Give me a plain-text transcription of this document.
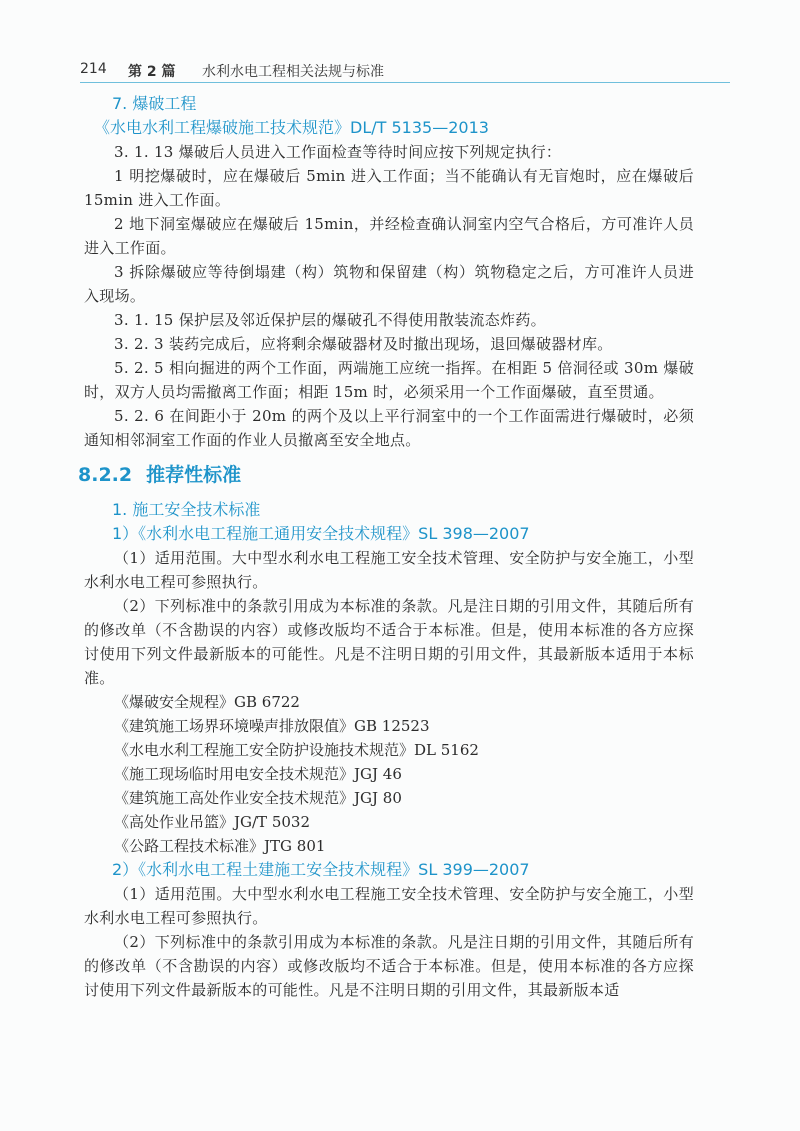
214 第 2 篇 水利水电工程相关法规与标准
7. 爆破工程
《水电水利工程爆破施工技术规范》DL/T 5135—2013

3. 1. 13 爆破后人员进入工作面检查等待时间应按下列规定执行：

1 明挖爆破时，应在爆破后 5min 进入工作面；当不能确认有无盲炮时，应在爆破后 15min 进入工作面。

2 地下洞室爆破应在爆破后 15min，并经检查确认洞室内空气合格后，方可准许人员进入工作面。

3 拆除爆破应等待倒塌建（构）筑物和保留建（构）筑物稳定之后，方可准许人员进入现场。

3. 1. 15 保护层及邻近保护层的爆破孔不得使用散装流态炸药。

3. 2. 3 装药完成后，应将剩余爆破器材及时撤出现场，退回爆破器材库。

5. 2. 5 相向掘进的两个工作面，两端施工应统一指挥。在相距 5 倍洞径或 30m 爆破时，双方人员均需撤离工作面；相距 15m 时，必须采用一个工作面爆破，直至贯通。

5. 2. 6 在间距小于 20m 的两个及以上平行洞室中的一个工作面需进行爆破时，必须通知相邻洞室工作面的作业人员撤离至安全地点。

8.2.2 推荐性标准
1. 施工安全技术标准
1）《水利水电工程施工通用安全技术规程》SL 398—2007

（1）适用范围。大中型水利水电工程施工安全技术管理、安全防护与安全施工，小型水利水电工程可参照执行。

（2）下列标准中的条款引用成为本标准的条款。凡是注日期的引用文件，其随后所有的修改单（不含勘误的内容）或修改版均不适合于本标准。但是，使用本标准的各方应探讨使用下列文件最新版本的可能性。凡是不注明日期的引用文件，其最新版本适用于本标准。

《爆破安全规程》GB 6722
《建筑施工场界环境噪声排放限值》GB 12523
《水电水利工程施工安全防护设施技术规范》DL 5162
《施工现场临时用电安全技术规范》JGJ 46
《建筑施工高处作业安全技术规范》JGJ 80
《高处作业吊篮》JG/T 5032
《公路工程技术标准》JTG 801
2）《水利水电工程土建施工安全技术规程》SL 399—2007

（1）适用范围。大中型水利水电工程施工安全技术管理、安全防护与安全施工，小型水利水电工程可参照执行。

（2）下列标准中的条款引用成为本标准的条款。凡是注日期的引用文件，其随后所有的修改单（不含勘误的内容）或修改版均不适合于本标准。但是，使用本标准的各方应探讨使用下列文件最新版本的可能性。凡是不注明日期的引用文件，其最新版本适
